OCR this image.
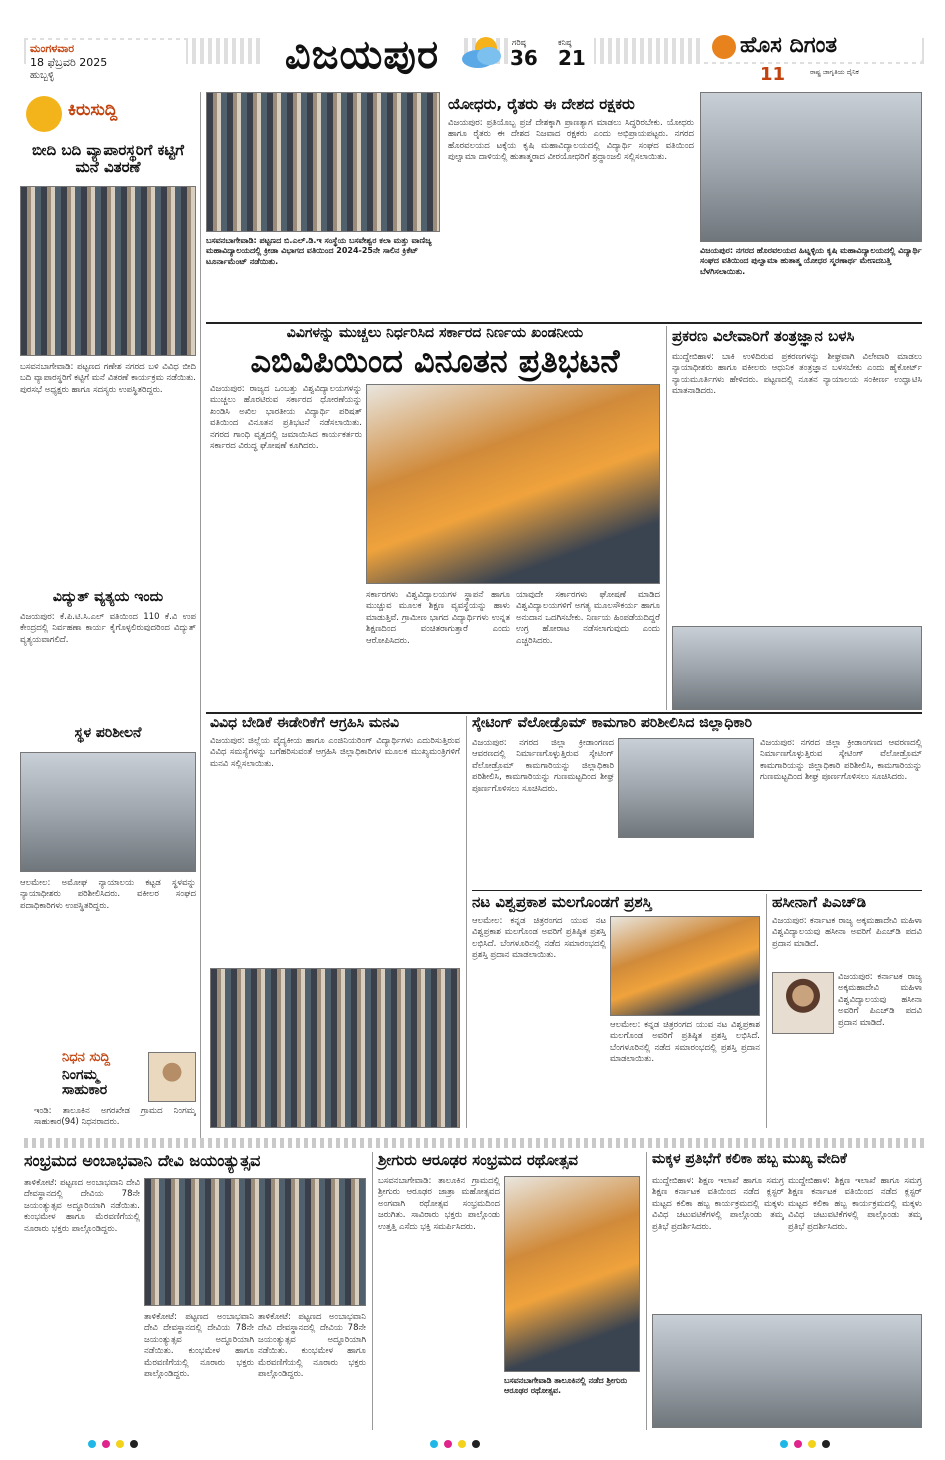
ಮಂಗಳವಾರ
18 ಫೆಬ್ರವರಿ 2025
ಹುಬ್ಬಳ್ಳಿ	ವಿಜಯಪುರ	ಗರಿಷ್ಠ
36
ಕನಿಷ್ಠ
21	ಹೊಸ ದಿಗಂತ
11	ರಾಷ್ಟ್ರ ಜಾಗೃತಿಯ ದೈನಿಕ
ಕಿರುಸುದ್ದಿ
ಬೀದಿ ಬದಿ ವ್ಯಾಪಾರಸ್ಥರಿಗೆ ಕಟ್ಟಿಗೆ ಮನೆ ವಿತರಣೆ
ಬಸವನಬಾಗೇವಾಡಿ: ಪಟ್ಟಣದ ಗಣೇಶ ನಗರದ ಬಳಿ ವಿವಿಧ ಬೀದಿ ಬದಿ ವ್ಯಾಪಾರಸ್ಥರಿಗೆ ಕಟ್ಟಿಗೆ ಮನೆ ವಿತರಣೆ ಕಾರ್ಯಕ್ರಮ ನಡೆಯಿತು. ಪುರಸಭೆ ಅಧ್ಯಕ್ಷರು ಹಾಗೂ ಸದಸ್ಯರು ಉಪಸ್ಥಿತರಿದ್ದರು.
ವಿದ್ಯುತ್ ವ್ಯತ್ಯಯ ಇಂದು
ವಿಜಯಪುರ: ಕೆ.ಪಿ.ಟಿ.ಸಿ.ಎಲ್ ವತಿಯಿಂದ 110 ಕೆ.ವಿ ಉಪ ಕೇಂದ್ರದಲ್ಲಿ ನಿರ್ವಹಣಾ ಕಾರ್ಯ ಕೈಗೊಳ್ಳಲಿರುವುದರಿಂದ ವಿದ್ಯುತ್ ವ್ಯತ್ಯಯವಾಗಲಿದೆ.
ಸ್ಥಳ ಪರಿಶೀಲನೆ
ಆಲಮೇಲ: ಅಮೋಘ ನ್ಯಾಯಾಲಯ ಕಟ್ಟಡ ಸ್ಥಳವನ್ನು ನ್ಯಾಯಾಧೀಶರು ಪರಿಶೀಲಿಸಿದರು. ವಕೀಲರ ಸಂಘದ ಪದಾಧಿಕಾರಿಗಳು ಉಪಸ್ಥಿತರಿದ್ದರು.
ನಿಧನ ಸುದ್ದಿ
ನಿಂಗಮ್ಮ ಸಾಹುಕಾರ
ಇಂಡಿ: ತಾಲೂಕಿನ ಅಗರಖೇಡ ಗ್ರಾಮದ ನಿಂಗಮ್ಮ ಸಾಹುಕಾರ(94) ನಿಧನರಾದರು.
ಬಸವನಬಾಗೇವಾಡಿ: ಪಟ್ಟಣದ ಬಿ.ಎಲ್.ಡಿ.ಇ ಸಂಸ್ಥೆಯ ಬಸವೇಶ್ವರ ಕಲಾ ಮತ್ತು ವಾಣಿಜ್ಯ ಮಹಾವಿದ್ಯಾಲಯದಲ್ಲಿ ಕ್ರೀಡಾ ವಿಭಾಗದ ವತಿಯಿಂದ 2024-25ನೇ ಸಾಲಿನ ಕ್ರಿಕೆಟ್ ಟೂರ್ನಾಮೆಂಟ್ ನಡೆಯಿತು.
ಯೋಧರು, ರೈತರು ಈ ದೇಶದ ರಕ್ಷಕರು
ವಿಜಯಪುರ: ಪ್ರತಿಯೊಬ್ಬ ಪ್ರಜೆ ದೇಶಕ್ಕಾಗಿ ಪ್ರಾಣತ್ಯಾಗ ಮಾಡಲು ಸಿದ್ಧರಿರಬೇಕು. ಯೋಧರು ಹಾಗೂ ರೈತರು ಈ ದೇಶದ ನಿಜವಾದ ರಕ್ಷಕರು ಎಂದು ಅಭಿಪ್ರಾಯಪಟ್ಟರು. ನಗರದ ಹೊರವಲಯದ ಟಕ್ಕೆಯ ಕೃಷಿ ಮಹಾವಿದ್ಯಾಲಯದಲ್ಲಿ ವಿದ್ಯಾರ್ಥಿ ಸಂಘದ ವತಿಯಿಂದ ಪುಲ್ವಾಮಾ ದಾಳಿಯಲ್ಲಿ ಹುತಾತ್ಮರಾದ ವೀರಯೋಧರಿಗೆ ಶ್ರದ್ಧಾಂಜಲಿ ಸಲ್ಲಿಸಲಾಯಿತು.
ವಿಜಯಪುರ: ನಗರದ ಹೊರವಲಯದ ಹಿಟ್ನಳ್ಳಿಯ ಕೃಷಿ ಮಹಾವಿದ್ಯಾಲಯದಲ್ಲಿ ವಿದ್ಯಾರ್ಥಿ ಸಂಘದ ವತಿಯಿಂದ ಪುಲ್ವಾಮಾ ಹುತಾತ್ಮ ಯೋಧರ ಸ್ಮರಣಾರ್ಥ ಮೇಣದಬತ್ತಿ ಬೆಳಗಿಸಲಾಯಿತು.
ವಿವಿಗಳನ್ನು ಮುಚ್ಚಲು ನಿರ್ಧರಿಸಿದ ಸರ್ಕಾರದ ನಿರ್ಣಯ ಖಂಡನೀಯ
ಎಬಿವಿಪಿಯಿಂದ ವಿನೂತನ ಪ್ರತಿಭಟನೆ
ವಿಜಯಪುರ: ರಾಜ್ಯದ ಒಂಬತ್ತು ವಿಶ್ವವಿದ್ಯಾಲಯಗಳನ್ನು ಮುಚ್ಚಲು ಹೊರಟಿರುವ ಸರ್ಕಾರದ ಧೋರಣೆಯನ್ನು ಖಂಡಿಸಿ ಅಖಿಲ ಭಾರತೀಯ ವಿದ್ಯಾರ್ಥಿ ಪರಿಷತ್ ವತಿಯಿಂದ ವಿನೂತನ ಪ್ರತಿಭಟನೆ ನಡೆಸಲಾಯಿತು. ನಗರದ ಗಾಂಧಿ ವೃತ್ತದಲ್ಲಿ ಜಮಾಯಿಸಿದ ಕಾರ್ಯಕರ್ತರು ಸರ್ಕಾರದ ವಿರುದ್ಧ ಘೋಷಣೆ ಕೂಗಿದರು.
ಸರ್ಕಾರಗಳು ವಿಶ್ವವಿದ್ಯಾಲಯಗಳ ಸ್ಥಾಪನೆ ಹಾಗೂ ಮುಚ್ಚುವ ಮೂಲಕ ಶಿಕ್ಷಣ ವ್ಯವಸ್ಥೆಯನ್ನು ಹಾಳು ಮಾಡುತ್ತಿವೆ. ಗ್ರಾಮೀಣ ಭಾಗದ ವಿದ್ಯಾರ್ಥಿಗಳು ಉನ್ನತ ಶಿಕ್ಷಣದಿಂದ ವಂಚಿತರಾಗುತ್ತಾರೆ ಎಂದು ಆರೋಪಿಸಿದರು.
ಯಾವುದೇ ಸರ್ಕಾರಗಳು ಘೋಷಣೆ ಮಾಡಿದ ವಿಶ್ವವಿದ್ಯಾಲಯಗಳಿಗೆ ಅಗತ್ಯ ಮೂಲಸೌಕರ್ಯ ಹಾಗೂ ಅನುದಾನ ಒದಗಿಸಬೇಕು. ನಿರ್ಣಯ ಹಿಂಪಡೆಯದಿದ್ದರೆ ಉಗ್ರ ಹೋರಾಟ ನಡೆಸಲಾಗುವುದು ಎಂದು ಎಚ್ಚರಿಸಿದರು.
ಪ್ರಕರಣ ವಿಲೇವಾರಿಗೆ ತಂತ್ರಜ್ಞಾನ ಬಳಸಿ
ಮುದ್ದೇಬಿಹಾಳ: ಬಾಕಿ ಉಳಿದಿರುವ ಪ್ರಕರಣಗಳನ್ನು ಶೀಘ್ರವಾಗಿ ವಿಲೇವಾರಿ ಮಾಡಲು ನ್ಯಾಯಾಧೀಶರು ಹಾಗೂ ವಕೀಲರು ಆಧುನಿಕ ತಂತ್ರಜ್ಞಾನ ಬಳಸಬೇಕು ಎಂದು ಹೈಕೋರ್ಟ್ ನ್ಯಾಯಮೂರ್ತಿಗಳು ಹೇಳಿದರು. ಪಟ್ಟಣದಲ್ಲಿ ನೂತನ ನ್ಯಾಯಾಲಯ ಸಂಕೀರ್ಣ ಉದ್ಘಾಟಿಸಿ ಮಾತನಾಡಿದರು.
ವಿವಿಧ ಬೇಡಿಕೆ ಈಡೇರಿಕೆಗೆ ಆಗ್ರಹಿಸಿ ಮನವಿ
ವಿಜಯಪುರ: ಜಿಲ್ಲೆಯ ವೈದ್ಯಕೀಯ ಹಾಗೂ ಎಂಜಿನಿಯರಿಂಗ್ ವಿದ್ಯಾರ್ಥಿಗಳು ಎದುರಿಸುತ್ತಿರುವ ವಿವಿಧ ಸಮಸ್ಯೆಗಳನ್ನು ಬಗೆಹರಿಸುವಂತೆ ಆಗ್ರಹಿಸಿ ಜಿಲ್ಲಾಧಿಕಾರಿಗಳ ಮೂಲಕ ಮುಖ್ಯಮಂತ್ರಿಗಳಿಗೆ ಮನವಿ ಸಲ್ಲಿಸಲಾಯಿತು.
ಸ್ಕೇಟಿಂಗ್ ವೆಲೋಡ್ರೊಮ್ ಕಾಮಗಾರಿ ಪರಿಶೀಲಿಸಿದ ಜಿಲ್ಲಾಧಿಕಾರಿ
ವಿಜಯಪುರ: ನಗರದ ಜಿಲ್ಲಾ ಕ್ರೀಡಾಂಗಣದ ಆವರಣದಲ್ಲಿ ನಿರ್ಮಾಣಗೊಳ್ಳುತ್ತಿರುವ ಸ್ಕೇಟಿಂಗ್ ವೆಲೋಡ್ರೊಮ್ ಕಾಮಗಾರಿಯನ್ನು ಜಿಲ್ಲಾಧಿಕಾರಿ ಪರಿಶೀಲಿಸಿ, ಕಾಮಗಾರಿಯನ್ನು ಗುಣಮಟ್ಟದಿಂದ ಶೀಘ್ರ ಪೂರ್ಣಗೊಳಿಸಲು ಸೂಚಿಸಿದರು.
ವಿಜಯಪುರ: ನಗರದ ಜಿಲ್ಲಾ ಕ್ರೀಡಾಂಗಣದ ಆವರಣದಲ್ಲಿ ನಿರ್ಮಾಣಗೊಳ್ಳುತ್ತಿರುವ ಸ್ಕೇಟಿಂಗ್ ವೆಲೋಡ್ರೊಮ್ ಕಾಮಗಾರಿಯನ್ನು ಜಿಲ್ಲಾಧಿಕಾರಿ ಪರಿಶೀಲಿಸಿ, ಕಾಮಗಾರಿಯನ್ನು ಗುಣಮಟ್ಟದಿಂದ ಶೀಘ್ರ ಪೂರ್ಣಗೊಳಿಸಲು ಸೂಚಿಸಿದರು.
ನಟ ವಿಶ್ವಪ್ರಕಾಶ ಮಲಗೊಂಡಗೆ ಪ್ರಶಸ್ತಿ
ಆಲಮೇಲ: ಕನ್ನಡ ಚಿತ್ರರಂಗದ ಯುವ ನಟ ವಿಶ್ವಪ್ರಕಾಶ ಮಲಗೊಂಡ ಅವರಿಗೆ ಪ್ರತಿಷ್ಠಿತ ಪ್ರಶಸ್ತಿ ಲಭಿಸಿದೆ. ಬೆಂಗಳೂರಿನಲ್ಲಿ ನಡೆದ ಸಮಾರಂಭದಲ್ಲಿ ಪ್ರಶಸ್ತಿ ಪ್ರದಾನ ಮಾಡಲಾಯಿತು.
ಆಲಮೇಲ: ಕನ್ನಡ ಚಿತ್ರರಂಗದ ಯುವ ನಟ ವಿಶ್ವಪ್ರಕಾಶ ಮಲಗೊಂಡ ಅವರಿಗೆ ಪ್ರತಿಷ್ಠಿತ ಪ್ರಶಸ್ತಿ ಲಭಿಸಿದೆ. ಬೆಂಗಳೂರಿನಲ್ಲಿ ನಡೆದ ಸಮಾರಂಭದಲ್ಲಿ ಪ್ರಶಸ್ತಿ ಪ್ರದಾನ ಮಾಡಲಾಯಿತು.
ಹಸೀನಾಗೆ ಪಿಎಚ್‌ಡಿ
ವಿಜಯಪುರ: ಕರ್ನಾಟಕ ರಾಜ್ಯ ಅಕ್ಕಮಹಾದೇವಿ ಮಹಿಳಾ ವಿಶ್ವವಿದ್ಯಾಲಯವು ಹಸೀನಾ ಅವರಿಗೆ ಪಿಎಚ್‌ಡಿ ಪದವಿ ಪ್ರದಾನ ಮಾಡಿದೆ.
ವಿಜಯಪುರ: ಕರ್ನಾಟಕ ರಾಜ್ಯ ಅಕ್ಕಮಹಾದೇವಿ ಮಹಿಳಾ ವಿಶ್ವವಿದ್ಯಾಲಯವು ಹಸೀನಾ ಅವರಿಗೆ ಪಿಎಚ್‌ಡಿ ಪದವಿ ಪ್ರದಾನ ಮಾಡಿದೆ.
ಸಂಭ್ರಮದ ಅಂಬಾಭವಾನಿ ದೇವಿ ಜಯಂತ್ಯುತ್ಸವ
ತಾಳಿಕೋಟೆ: ಪಟ್ಟಣದ ಅಂಬಾಭವಾನಿ ದೇವಿ ದೇವಸ್ಥಾನದಲ್ಲಿ ದೇವಿಯ 78ನೇ ಜಯಂತ್ಯುತ್ಸವ ಅದ್ಧೂರಿಯಾಗಿ ನಡೆಯಿತು. ಕುಂಭಮೇಳ ಹಾಗೂ ಮೆರವಣಿಗೆಯಲ್ಲಿ ನೂರಾರು ಭಕ್ತರು ಪಾಲ್ಗೊಂಡಿದ್ದರು.
ತಾಳಿಕೋಟೆ: ಪಟ್ಟಣದ ಅಂಬಾಭವಾನಿ ದೇವಿ ದೇವಸ್ಥಾನದಲ್ಲಿ ದೇವಿಯ 78ನೇ ಜಯಂತ್ಯುತ್ಸವ ಅದ್ಧೂರಿಯಾಗಿ ನಡೆಯಿತು. ಕುಂಭಮೇಳ ಹಾಗೂ ಮೆರವಣಿಗೆಯಲ್ಲಿ ನೂರಾರು ಭಕ್ತರು ಪಾಲ್ಗೊಂಡಿದ್ದರು.
ತಾಳಿಕೋಟೆ: ಪಟ್ಟಣದ ಅಂಬಾಭವಾನಿ ದೇವಿ ದೇವಸ್ಥಾನದಲ್ಲಿ ದೇವಿಯ 78ನೇ ಜಯಂತ್ಯುತ್ಸವ ಅದ್ಧೂರಿಯಾಗಿ ನಡೆಯಿತು. ಕುಂಭಮೇಳ ಹಾಗೂ ಮೆರವಣಿಗೆಯಲ್ಲಿ ನೂರಾರು ಭಕ್ತರು ಪಾಲ್ಗೊಂಡಿದ್ದರು.
ಶ್ರೀಗುರು ಆರೂಢರ ಸಂಭ್ರಮದ ರಥೋತ್ಸವ
ಬಸವನಬಾಗೇವಾಡಿ: ತಾಲೂಕಿನ ಗ್ರಾಮದಲ್ಲಿ ಶ್ರೀಗುರು ಆರೂಢರ ಜಾತ್ರಾ ಮಹೋತ್ಸವದ ಅಂಗವಾಗಿ ರಥೋತ್ಸವ ಸಂಭ್ರಮದಿಂದ ಜರುಗಿತು. ಸಾವಿರಾರು ಭಕ್ತರು ಪಾಲ್ಗೊಂಡು ಉತ್ತತ್ತಿ ಎಸೆದು ಭಕ್ತಿ ಸಮರ್ಪಿಸಿದರು.
ಬಸವನಬಾಗೇವಾಡಿ ತಾಲೂಕಿನಲ್ಲಿ ನಡೆದ ಶ್ರೀಗುರು ಆರೂಢರ ರಥೋತ್ಸವ.
ಮಕ್ಕಳ ಪ್ರತಿಭೆಗೆ ಕಲಿಕಾ ಹಬ್ಬ ಮುಖ್ಯ ವೇದಿಕೆ
ಮುದ್ದೇಬಿಹಾಳ: ಶಿಕ್ಷಣ ಇಲಾಖೆ ಹಾಗೂ ಸಮಗ್ರ ಶಿಕ್ಷಣ ಕರ್ನಾಟಕ ವತಿಯಿಂದ ನಡೆದ ಕ್ಲಸ್ಟರ್ ಮಟ್ಟದ ಕಲಿಕಾ ಹಬ್ಬ ಕಾರ್ಯಕ್ರಮದಲ್ಲಿ ಮಕ್ಕಳು ವಿವಿಧ ಚಟುವಟಿಕೆಗಳಲ್ಲಿ ಪಾಲ್ಗೊಂಡು ತಮ್ಮ ಪ್ರತಿಭೆ ಪ್ರದರ್ಶಿಸಿದರು.
ಮುದ್ದೇಬಿಹಾಳ: ಶಿಕ್ಷಣ ಇಲಾಖೆ ಹಾಗೂ ಸಮಗ್ರ ಶಿಕ್ಷಣ ಕರ್ನಾಟಕ ವತಿಯಿಂದ ನಡೆದ ಕ್ಲಸ್ಟರ್ ಮಟ್ಟದ ಕಲಿಕಾ ಹಬ್ಬ ಕಾರ್ಯಕ್ರಮದಲ್ಲಿ ಮಕ್ಕಳು ವಿವಿಧ ಚಟುವಟಿಕೆಗಳಲ್ಲಿ ಪಾಲ್ಗೊಂಡು ತಮ್ಮ ಪ್ರತಿಭೆ ಪ್ರದರ್ಶಿಸಿದರು.
